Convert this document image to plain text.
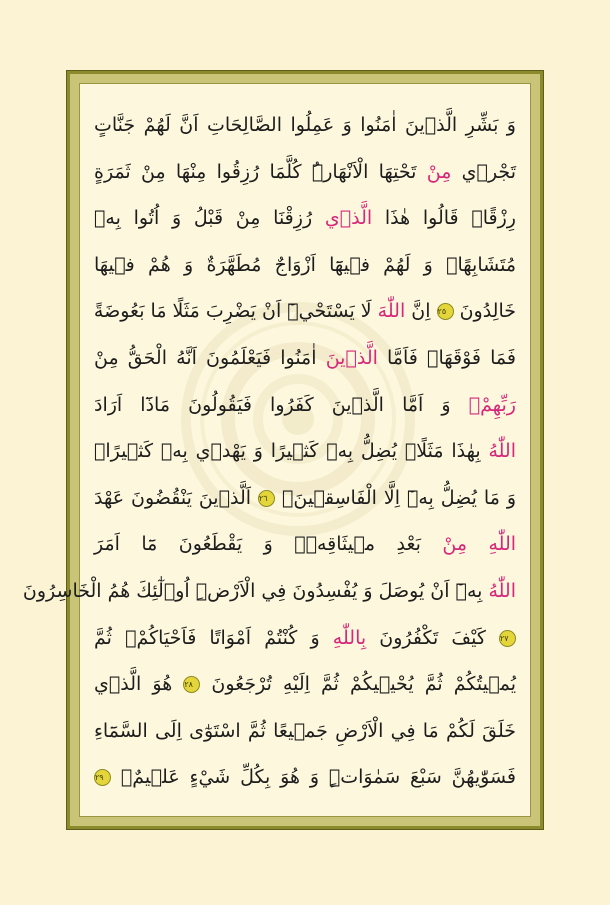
وَ بَشِّرِ الَّذ۪ينَ اٰمَنُوا وَ عَمِلُوا الصَّالِحَاتِ اَنَّ لَهُمْ جَنَّاتٍ
تَجْر۪ي مِنْ تَحْتِهَا الْاَنْهَارُۜ كُلَّمَا رُزِقُوا مِنْهَا مِنْ ثَمَرَةٍ
رِزْقًاۙ قَالُوا هٰذَا الَّذ۪ي رُزِقْنَا مِنْ قَبْلُ وَ اُتُوا بِه۪
مُتَشَابِهًاۜ وَ لَهُمْ ف۪يهَٓا اَزْوَاجٌ مُطَهَّرَةٌ وَ هُمْ ف۪يهَا
خَالِدُونَ ٢٥ اِنَّ اللّٰهَ لَا يَسْتَحْي۪ٓ اَنْ يَضْرِبَ مَثَلًا مَا بَعُوضَةً
فَمَا فَوْقَهَاۜ فَاَمَّا الَّذ۪ينَ اٰمَنُوا فَيَعْلَمُونَ اَنَّهُ الْحَقُّ مِنْ
رَبِّهِمْۚ وَ اَمَّا الَّذ۪ينَ كَفَرُوا فَيَقُولُونَ مَاذَٓا اَرَادَ
اللّٰهُ بِهٰذَا مَثَلًاۢ يُضِلُّ بِه۪ كَث۪يرًا وَ يَهْد۪ي بِه۪ كَث۪يرًاۜ
وَ مَا يُضِلُّ بِه۪ٓ اِلَّا الْفَاسِق۪ينَۙ ٢٦ اَلَّذ۪ينَ يَنْقُضُونَ عَهْدَ
اللّٰهِ مِنْ بَعْدِ م۪يثَاقِه۪ۖ وَ يَقْطَعُونَ مَٓا اَمَرَ
اللّٰهُ بِه۪ٓ اَنْ يُوصَلَ وَ يُفْسِدُونَ فِي الْاَرْضِۜ اُو۬لٰٓئِكَ هُمُ الْخَاسِرُونَ
٢٧ كَيْفَ تَكْفُرُونَ بِاللّٰهِ وَ كُنْتُمْ اَمْوَاتًا فَاَحْيَاكُمْۚ ثُمَّ
يُم۪يتُكُمْ ثُمَّ يُحْي۪يكُمْ ثُمَّ اِلَيْهِ تُرْجَعُونَ ٢٨ هُوَ الَّذ۪ي
خَلَقَ لَكُمْ مَا فِي الْاَرْضِ جَم۪يعًا ثُمَّ اسْتَوٰٓى اِلَى السَّمَٓاءِ
فَسَوّٰيهُنَّ سَبْعَ سَمٰوَاتٍۜ وَ هُوَ بِكُلِّ شَيْءٍ عَل۪يمٌ۟ ٢٩
